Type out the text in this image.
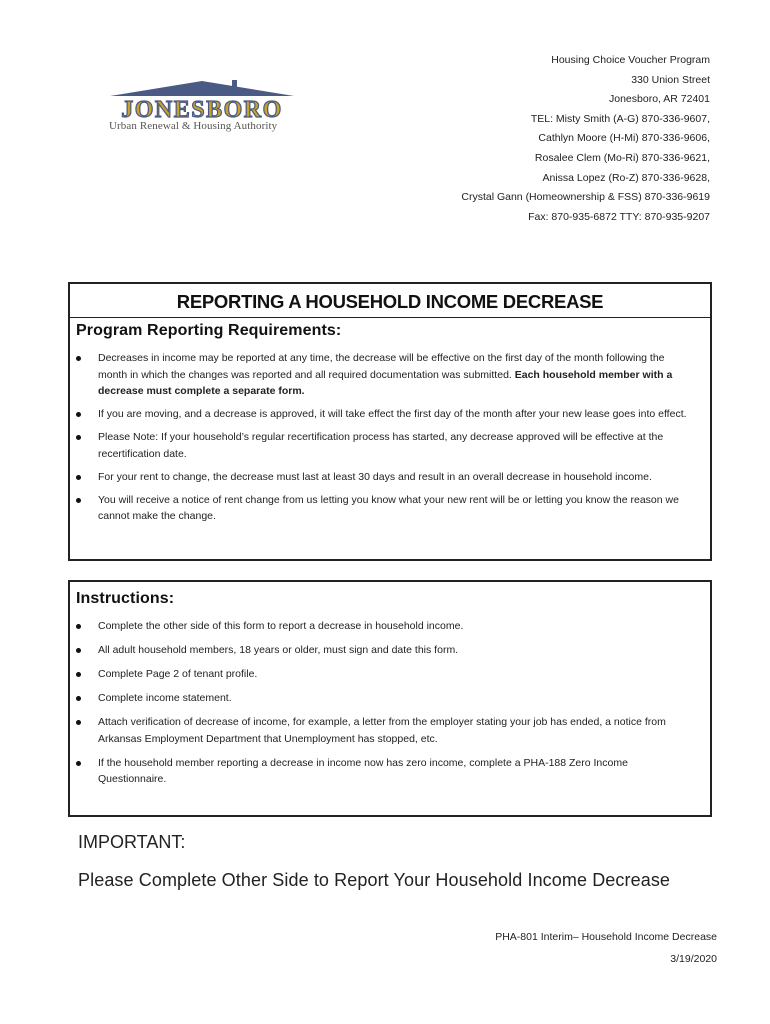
JONESBORO
Urban Renewal & Housing Authority
Housing Choice Voucher Program
330 Union Street
Jonesboro, AR 72401
TEL: Misty Smith (A-G) 870-336-9607,
Cathlyn Moore (H-Mi) 870-336-9606,
Rosalee Clem (Mo-Ri) 870-336-9621,
Anissa Lopez (Ro-Z) 870-336-9628,
Crystal Gann (Homeownership & FSS) 870-336-9619
Fax: 870-935-6872 TTY: 870-935-9207
REPORTING A HOUSEHOLD INCOME DECREASE
Program Reporting Requirements:
Decreases in income may be reported at any time, the decrease will be effective on the first day of the month following the month in which the changes was reported and all required documentation was submitted. Each household member with a decrease must complete a separate form.
If you are moving, and a decrease is approved, it will take effect the first day of the month after your new lease goes into effect.
Please Note: If your household’s regular recertification process has started, any decrease approved will be effective at the recertification date.
For your rent to change, the decrease must last at least 30 days and result in an overall decrease in household income.
You will receive a notice of rent change from us letting you know what your new rent will be or letting you know the reason we cannot make the change.
Instructions:
Complete the other side of this form to report a decrease in household income.
All adult household members, 18 years or older, must sign and date this form.
Complete Page 2 of tenant profile.
Complete income statement.
Attach verification of decrease of income, for example, a letter from the employer stating your job has ended, a notice from Arkansas Employment Department that Unemployment has stopped, etc.
If the household member reporting a decrease in income now has zero income, complete a PHA-188 Zero Income Questionnaire.
IMPORTANT:
Please Complete Other Side to Report Your Household Income Decrease
PHA-801 Interim– Household Income Decrease
3/19/2020
